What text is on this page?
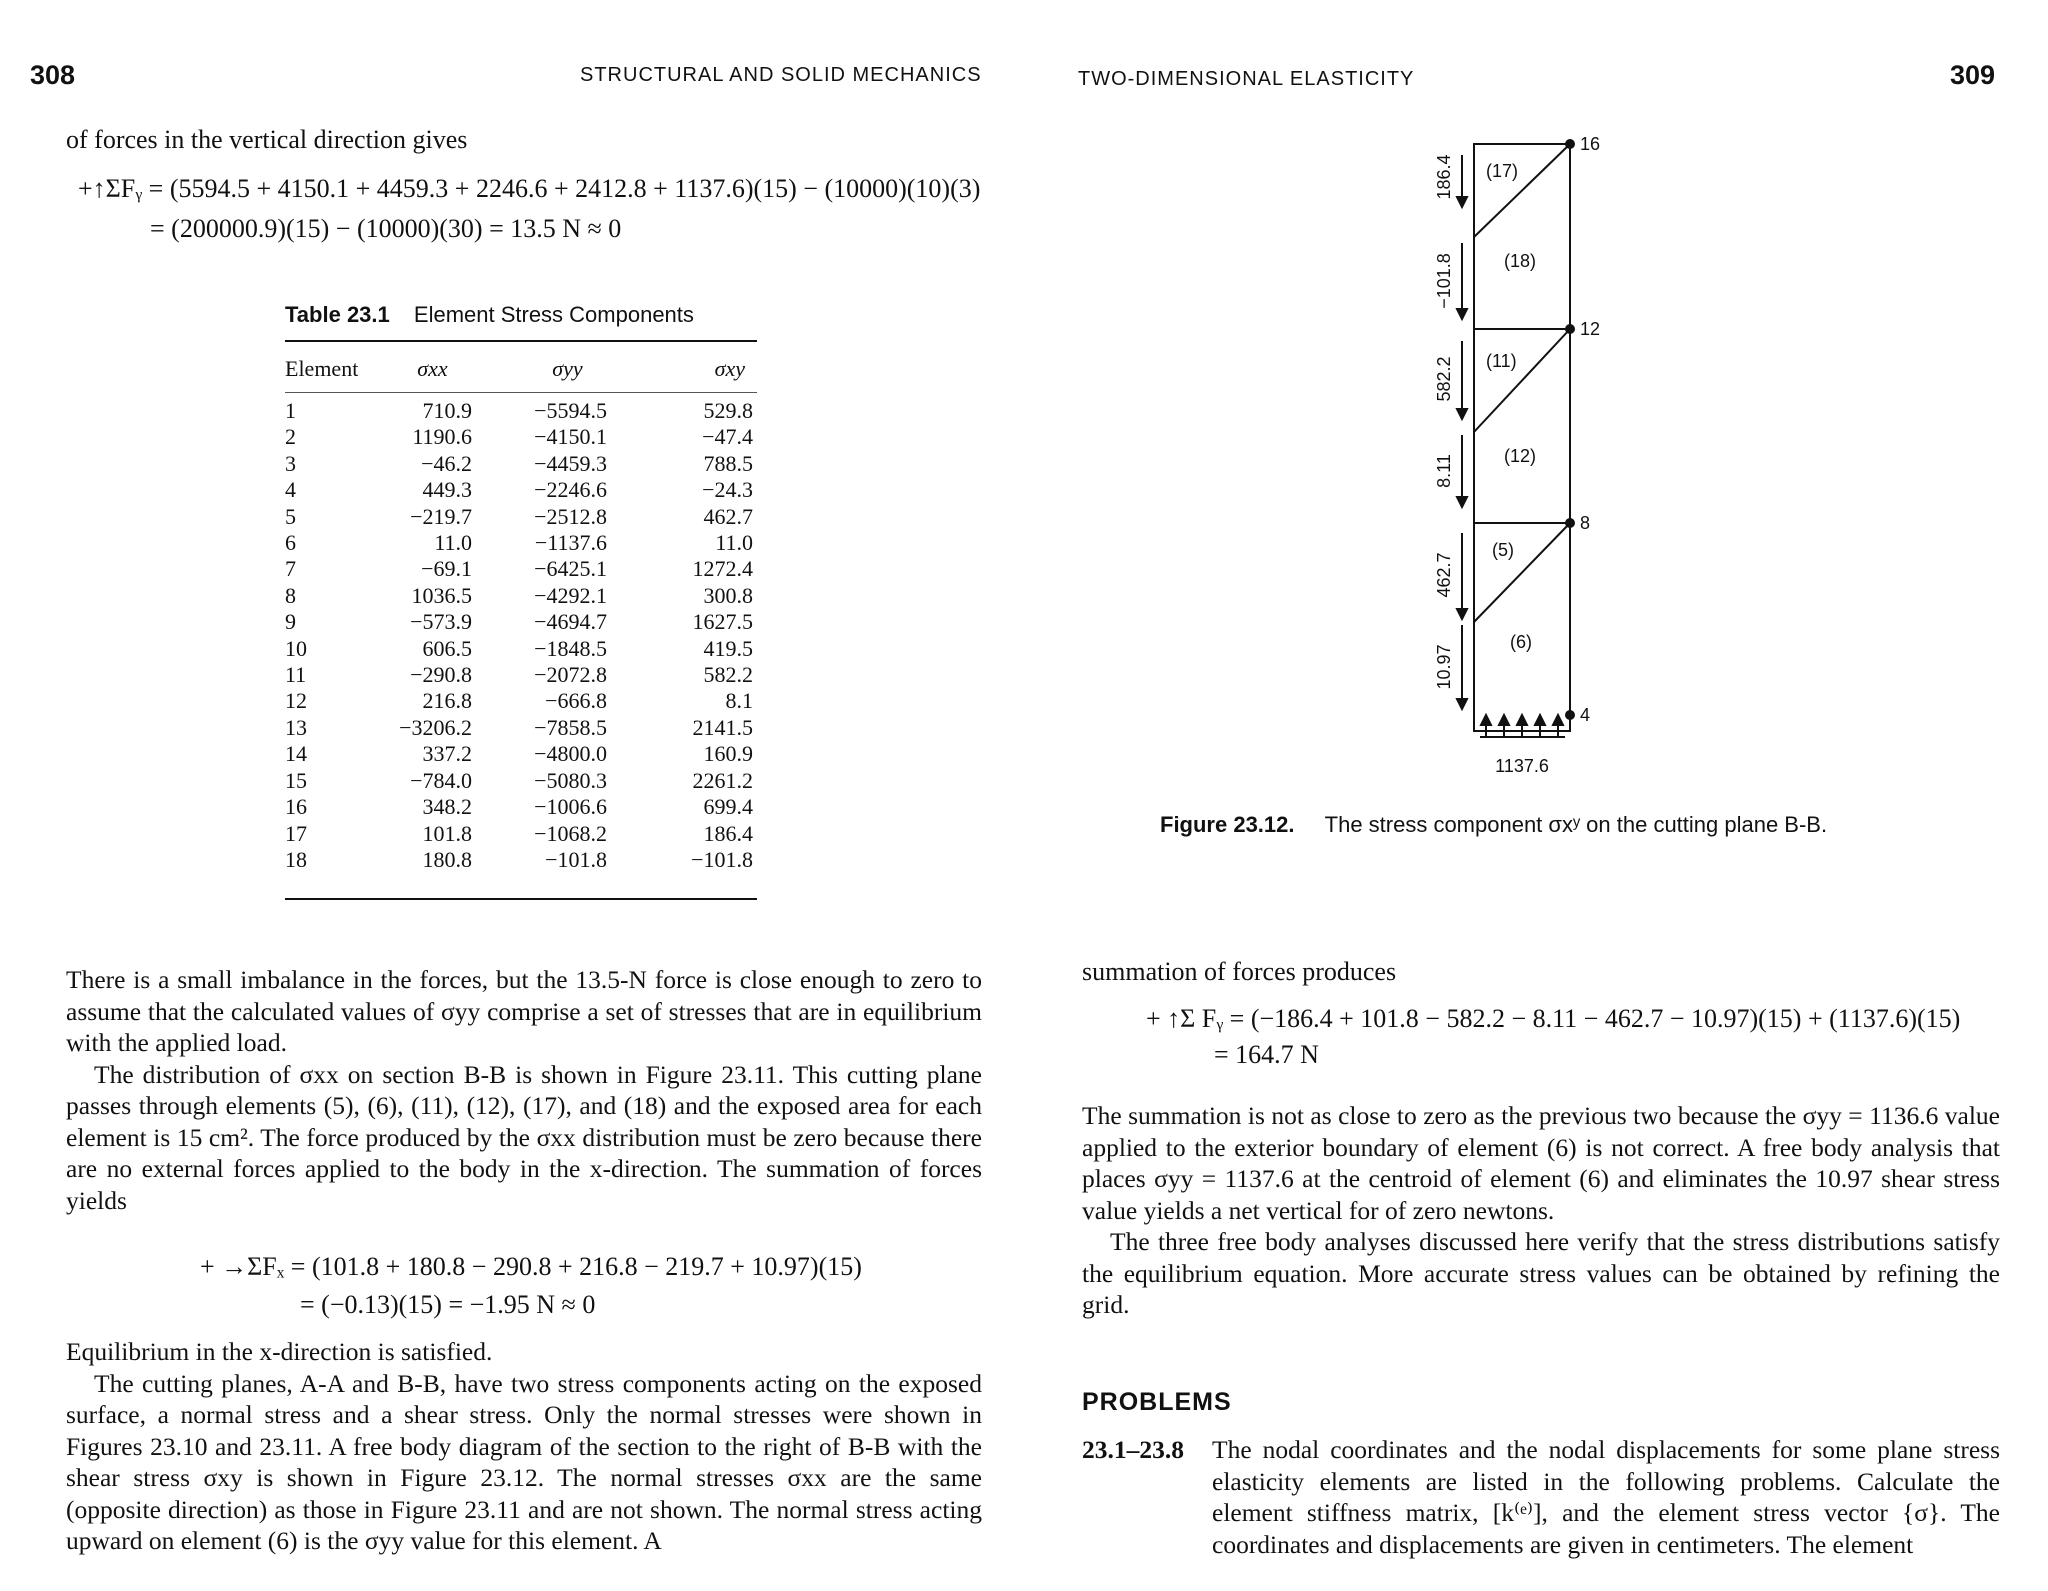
308	STRUCTURAL AND SOLID MECHANICS
of forces in the vertical direction gives
+↑ΣFᵧ = (5594.5 + 4150.1 + 4459.3 + 2246.6 + 2412.8 + 1137.6)(15) − (10000)(10)(3)
= (200000.9)(15) − (10000)(30) = 13.5 N ≈ 0
Table 23.1 Element Stress Components
Element	σxx	σyy	σxy
1	710.9	−5594.5	529.8
2	1190.6	−4150.1	−47.4
3	−46.2	−4459.3	788.5
4	449.3	−2246.6	−24.3
5	−219.7	−2512.8	462.7
6	11.0	−1137.6	11.0
7	−69.1	−6425.1	1272.4
8	1036.5	−4292.1	300.8
9	−573.9	−4694.7	1627.5
10	606.5	−1848.5	419.5
11	−290.8	−2072.8	582.2
12	216.8	−666.8	8.1
13	−3206.2	−7858.5	2141.5
14	337.2	−4800.0	160.9
15	−784.0	−5080.3	2261.2
16	348.2	−1006.6	699.4
17	101.8	−1068.2	186.4
18	180.8	−101.8	−101.8

There is a small imbalance in the forces, but the 13.5-N force is close enough to zero to assume that the calculated values of σyy comprise a set of stresses that are in equilibrium with the applied load.

The distribution of σxx on section B-B is shown in Figure 23.11. This cutting plane passes through elements (5), (6), (11), (12), (17), and (18) and the exposed area for each element is 15 cm². The force produced by the σxx distribution must be zero because there are no external forces applied to the body in the x-direction. The summation of forces yields

+ →ΣFₓ = (101.8 + 180.8 − 290.8 + 216.8 − 219.7 + 10.97)(15)
= (−0.13)(15) = −1.95 N ≈ 0

Equilibrium in the x-direction is satisfied.

The cutting planes, A-A and B-B, have two stress components acting on the exposed surface, a normal stress and a shear stress. Only the normal stresses were shown in Figures 23.10 and 23.11. A free body diagram of the section to the right of B-B with the shear stress σxy is shown in Figure 23.12. The normal stresses σxx are the same (opposite direction) as those in Figure 23.11 and are not shown. The normal stress acting upward on element (6) is the σyy value for this element. A

TWO-DIMENSIONAL ELASTICITY	309
186.4
−101.8
582.2
8.11
462.7
10.97
(17)
(18)
(11)
(12)
(5)
(6)
16
12
8
4
1137.6
Figure 23.12. The stress component σxʸ on the cutting plane B-B.
summation of forces produces
+ ↑Σ Fᵧ = (−186.4 + 101.8 − 582.2 − 8.11 − 462.7 − 10.97)(15) + (1137.6)(15)
= 164.7 N

The summation is not as close to zero as the previous two because the σyy = 1136.6 value applied to the exterior boundary of element (6) is not correct. A free body analysis that places σyy = 1137.6 at the centroid of element (6) and eliminates the 10.97 shear stress value yields a net vertical for of zero newtons.

The three free body analyses discussed here verify that the stress distributions satisfy the equilibrium equation. More accurate stress values can be obtained by refining the grid.

PROBLEMS
23.1–23.8	The nodal coordinates and the nodal displacements for some plane stress elasticity elements are listed in the following problems. Calculate the element stiffness matrix, [k⁽ᵉ⁾], and the element stress vector {σ}. The coordinates and displacements are given in centimeters. The element
